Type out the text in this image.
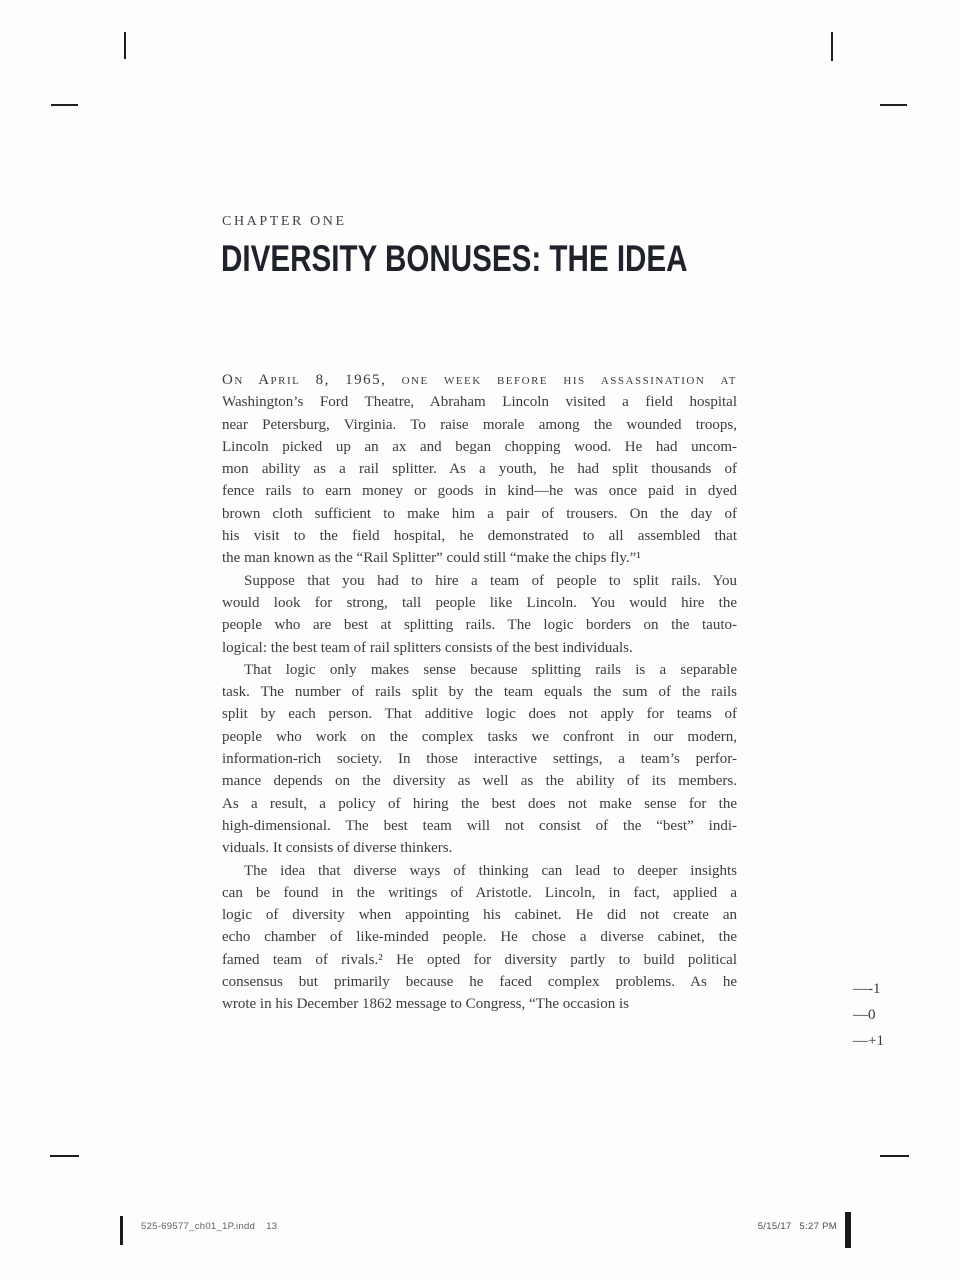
CHAPTER ONE
DIVERSITY BONUSES: THE IDEA
On April 8, 1965, one week before his assassination at
Washington’s Ford Theatre, Abraham Lincoln visited a field hospital
near Petersburg, Virginia. To raise morale among the wounded troops,
Lincoln picked up an ax and began chopping wood. He had uncom-
mon ability as a rail splitter. As a youth, he had split thousands of
fence rails to earn money or goods in kind—he was once paid in dyed
brown cloth sufficient to make him a pair of trousers. On the day of
his visit to the field hospital, he demonstrated to all assembled that
the man known as the “Rail Splitter” could still “make the chips fly.”¹
Suppose that you had to hire a team of people to split rails. You
would look for strong, tall people like Lincoln. You would hire the
people who are best at splitting rails. The logic borders on the tauto-
logical: the best team of rail splitters consists of the best individuals.
That logic only makes sense because splitting rails is a separable
task. The number of rails split by the team equals the sum of the rails
split by each person. That additive logic does not apply for teams of
people who work on the complex tasks we confront in our modern,
information-rich society. In those interactive settings, a team’s perfor-
mance depends on the diversity as well as the ability of its members.
As a result, a policy of hiring the best does not make sense for the
high-dimensional. The best team will not consist of the “best” indi-
viduals. It consists of diverse thinkers.
The idea that diverse ways of thinking can lead to deeper insights
can be found in the writings of Aristotle. Lincoln, in fact, applied a
logic of diversity when appointing his cabinet. He did not create an
echo chamber of like-minded people. He chose a diverse cabinet, the
famed team of rivals.² He opted for diversity partly to build political
consensus but primarily because he faced complex problems. As he
wrote in his December 1862 message to Congress, “The occasion is
—-1
—0
—+1
525-69577_ch01_1P.indd 13	5/15/17 5:27 PM
